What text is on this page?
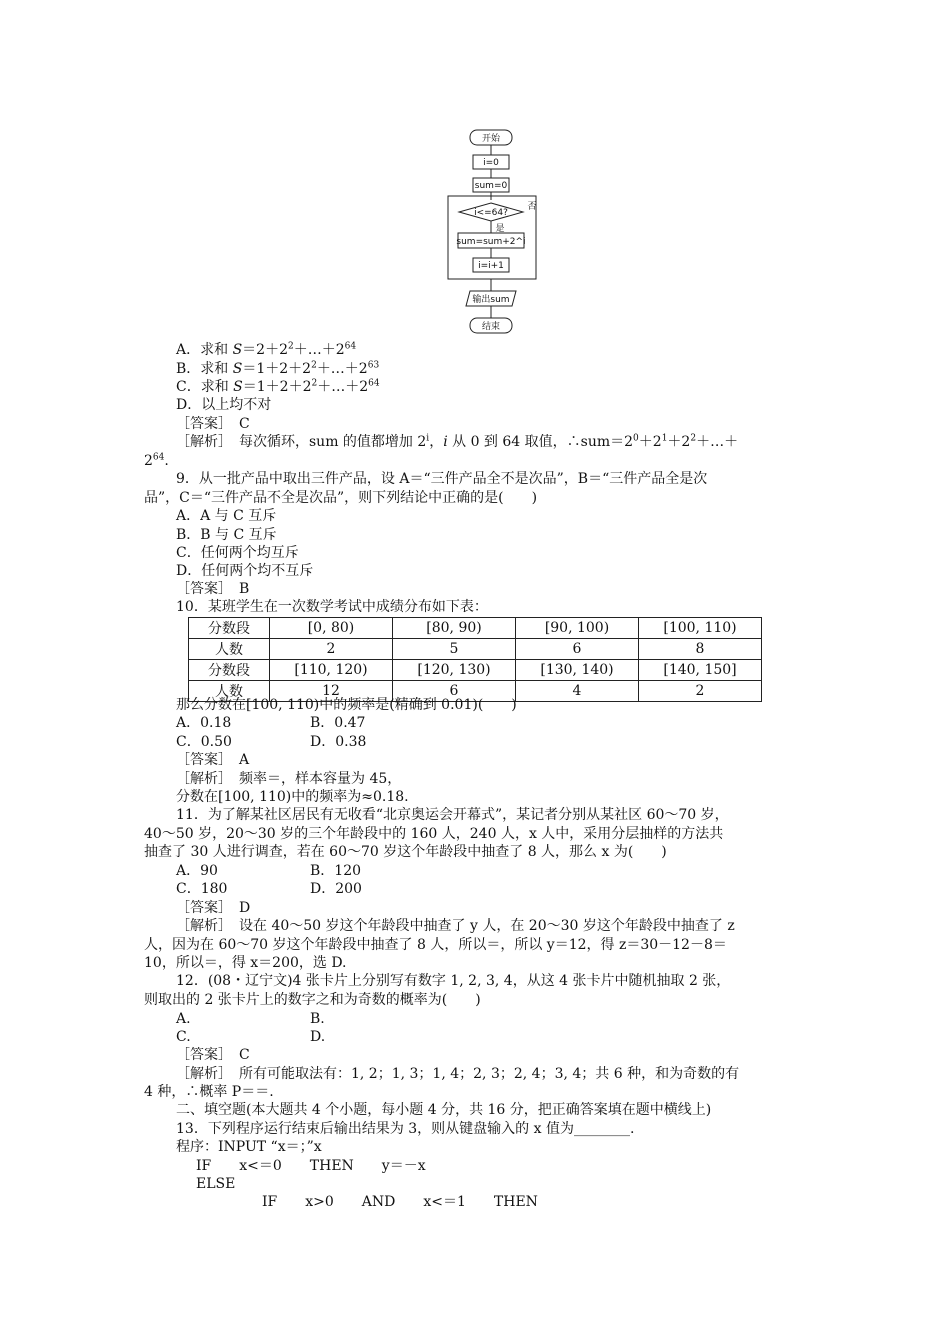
开始
i=0
sum=0
i<=64?
否
是
sum=sum+2^i
i=i+1
输出sum
结束
A．求和 $S=2+2^2+\dots+2^{64}$
B．求和 $S=1+2+2^2+\dots+2^{63}$
C．求和 $S=1+2+2^2+\dots+2^{64}$
D．以上均不对
［答案］　C
［解析］　每次循环，sum 的值都增加 2$^i$，i 从 0 到 64 取值，$\therefore sum=2^0+2^1+2^2+\dots+$
$2^{64}$.
9．从一批产品中取出三件产品，设 A＝“三件产品全不是次品”，B＝“三件产品全是次
品”，C＝“三件产品不全是次品”，则下列结论中正确的是(　　)
A．A 与 C 互斥
B．B 与 C 互斥
C．任何两个均互斥
D．任何两个均不互斥
［答案］　B
10．某班学生在一次数学考试中成绩分布如下表：
分数段	[0, 80)	[80, 90)	[90, 100)	[100, 110)
人数	2	5	6	8
分数段	[110, 120)	[120, 130)	[130, 140)	[140, 150]
人数	12	6	4	2
那么分数在[100, 110)中的频率是(精确到 0.01)(　　)
A．0.18	B．0.47
C．0.50	D．0.38
［答案］　A
［解析］　频率＝，样本容量为 45，
分数在[100, 110)中的频率为≈0.18.
11．为了解某社区居民有无收看“北京奥运会开幕式”，某记者分别从某社区 60～70 岁，
40～50 岁，20～30 岁的三个年龄段中的 160 人，240 人，x 人中，采用分层抽样的方法共
抽查了 30 人进行调查，若在 60～70 岁这个年龄段中抽查了 8 人，那么 x 为(　　)
A．90	B．120
C．180	D．200
［答案］　D
［解析］　设在 40～50 岁这个年龄段中抽查了 y 人，在 20～30 岁这个年龄段中抽查了 z
人，因为在 60～70 岁这个年龄段中抽查了 8 人，所以＝，所以 y＝12，得 z＝30－12－8＝
10，所以＝，得 x＝200，选 D.
12．(08・辽宁文)4 张卡片上分别写有数字 1, 2, 3, 4，从这 4 张卡片中随机抽取 2 张，
则取出的 2 张卡片上的数字之和为奇数的概率为(　　)
A.	B.
C.	D.
［答案］　C
［解析］　所有可能取法有：1, 2；1, 3；1, 4；2, 3；2, 4；3, 4；共 6 种，和为奇数的有
4 种，∴概率 P＝＝.
二、填空题(本大题共 4 个小题，每小题 4 分，共 16 分，把正确答案填在题中横线上)
13．下列程序运行结束后输出结果为 3，则从键盘输入的 x 值为________.
程序：INPUT “x＝；”x
IF　　x<＝0　　THEN　　y＝－x
ELSE
IF　　x>0　　AND　　x<＝1　　THEN
